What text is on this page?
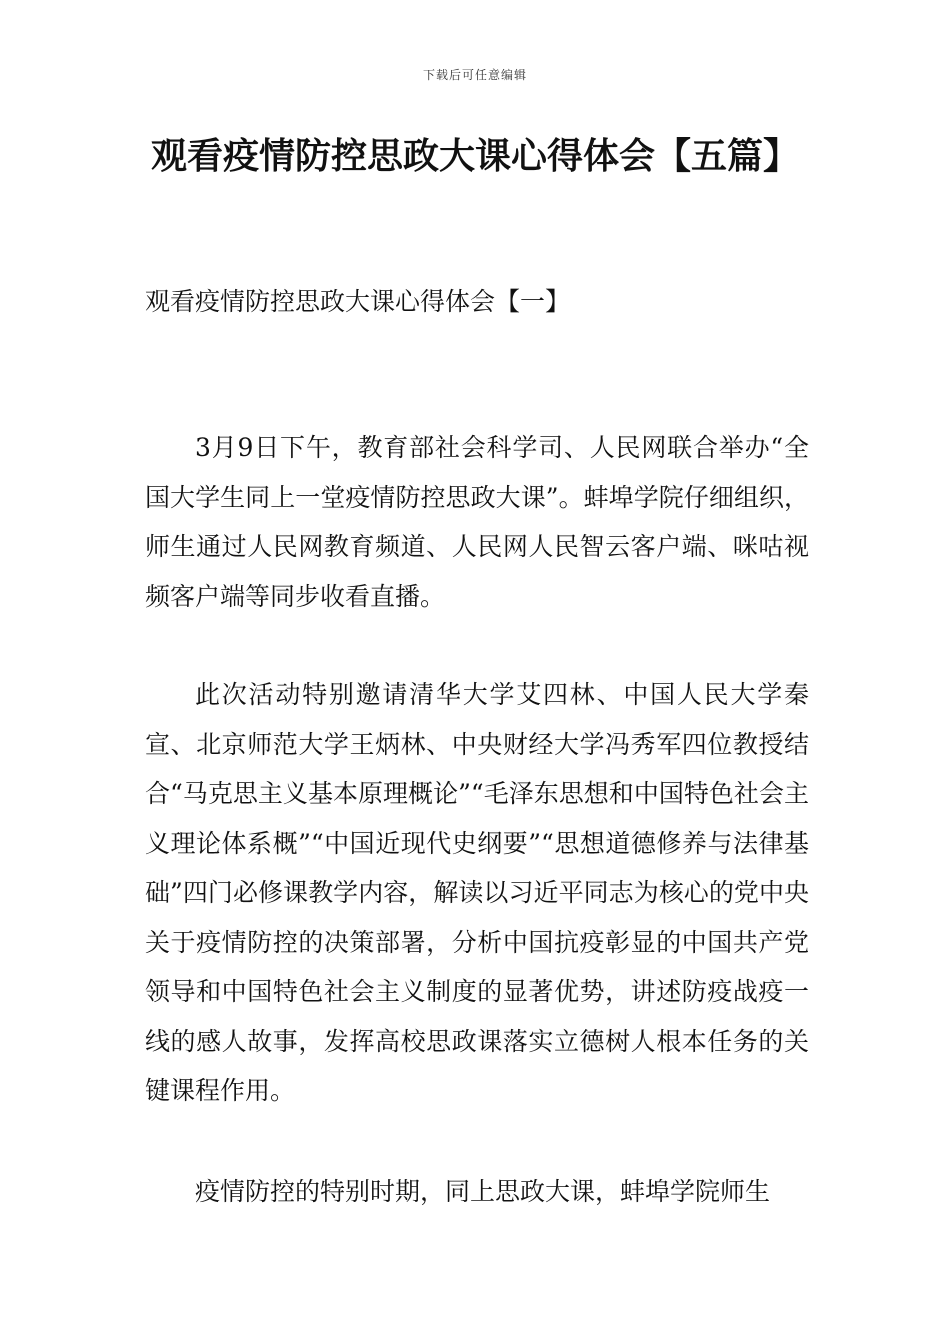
下载后可任意编辑
观看疫情防控思政大课心得体会【五篇】
观看疫情防控思政大课心得体会【一】

3月9日下午，教育部社会科学司、人民网联合举办“全国大学生同上一堂疫情防控思政大课”。蚌埠学院仔细组织，师生通过人民网教育频道、人民网人民智云客户端、咪咕视频客户端等同步收看直播。

此次活动特别邀请清华大学艾四林、中国人民大学秦宣、北京师范大学王炳林、中央财经大学冯秀军四位教授结合“马克思主义基本原理概论”“毛泽东思想和中国特色社会主义理论体系概”“中国近现代史纲要”“思想道德修养与法律基础”四门必修课教学内容，解读以习近平同志为核心的党中央关于疫情防控的决策部署，分析中国抗疫彰显的中国共产党领导和中国特色社会主义制度的显著优势，讲述防疫战疫一线的感人故事，发挥高校思政课落实立德树人根本任务的关键课程作用。

疫情防控的特别时期，同上思政大课，蚌埠学院师生
